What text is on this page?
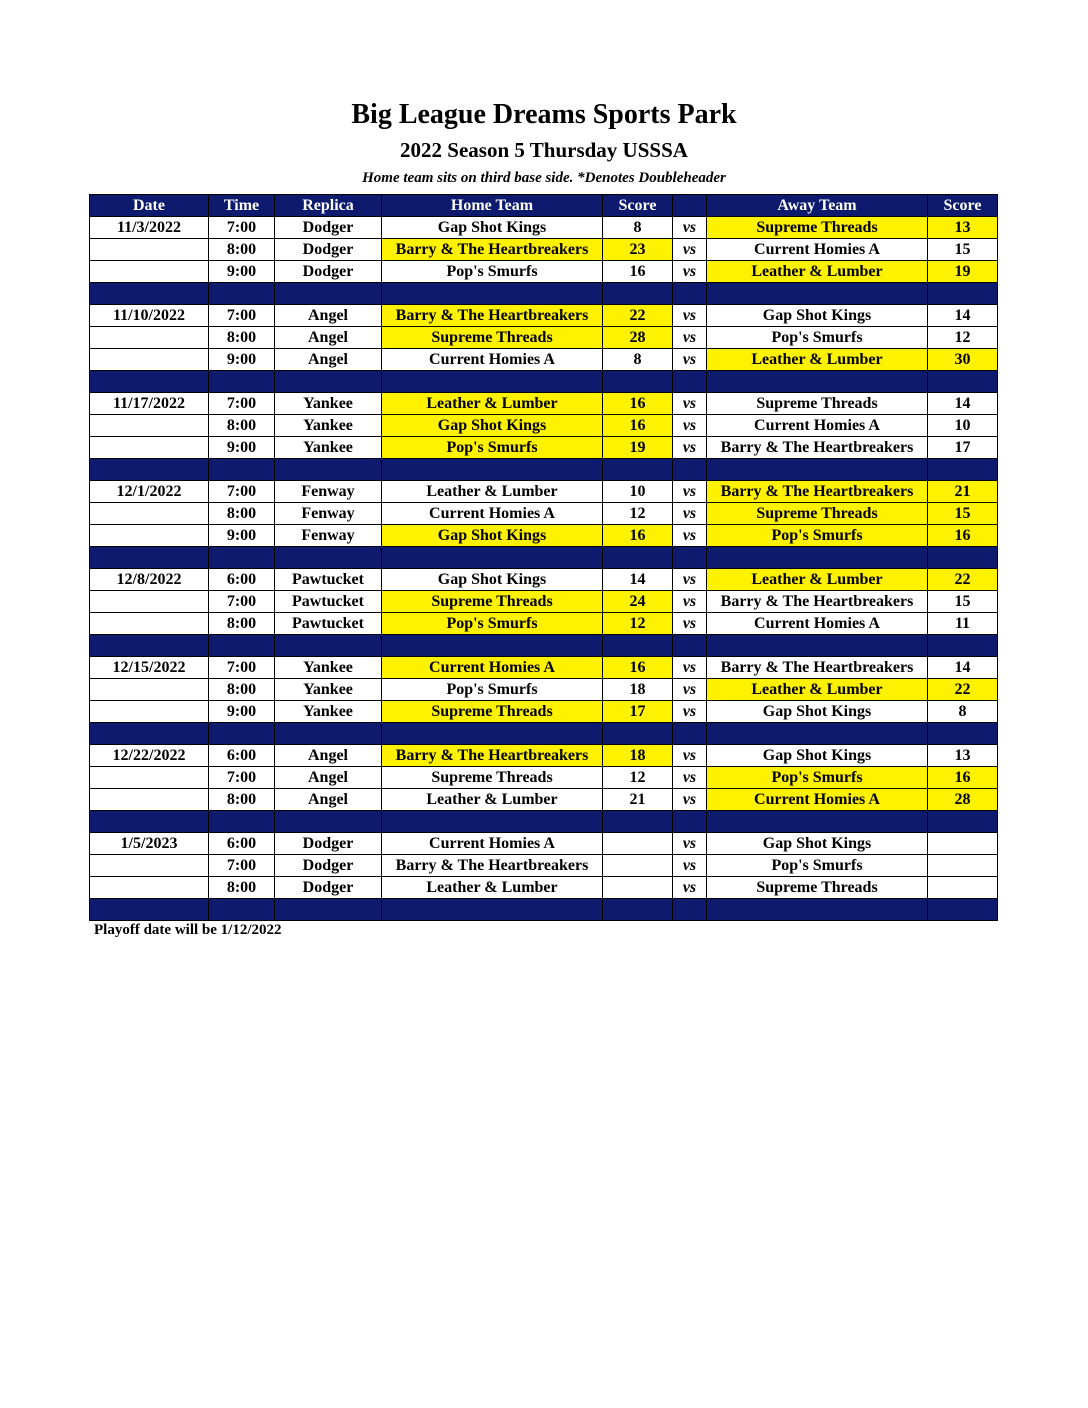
Big League Dreams Sports Park
2022 Season 5 Thursday USSSA
Home team sits on third base side. *Denotes Doubleheader
Date	Time	Replica	Home Team	Score		Away Team	Score
11/3/2022	7:00	Dodger	Gap Shot Kings	8	vs	Supreme Threads	13
	8:00	Dodger	Barry & The Heartbreakers	23	vs	Current Homies A	15
	9:00	Dodger	Pop's Smurfs	16	vs	Leather & Lumber	19

11/10/2022	7:00	Angel	Barry & The Heartbreakers	22	vs	Gap Shot Kings	14
	8:00	Angel	Supreme Threads	28	vs	Pop's Smurfs	12
	9:00	Angel	Current Homies A	8	vs	Leather & Lumber	30

11/17/2022	7:00	Yankee	Leather & Lumber	16	vs	Supreme Threads	14
	8:00	Yankee	Gap Shot Kings	16	vs	Current Homies A	10
	9:00	Yankee	Pop's Smurfs	19	vs	Barry & The Heartbreakers	17

12/1/2022	7:00	Fenway	Leather & Lumber	10	vs	Barry & The Heartbreakers	21
	8:00	Fenway	Current Homies A	12	vs	Supreme Threads	15
	9:00	Fenway	Gap Shot Kings	16	vs	Pop's Smurfs	16

12/8/2022	6:00	Pawtucket	Gap Shot Kings	14	vs	Leather & Lumber	22
	7:00	Pawtucket	Supreme Threads	24	vs	Barry & The Heartbreakers	15
	8:00	Pawtucket	Pop's Smurfs	12	vs	Current Homies A	11

12/15/2022	7:00	Yankee	Current Homies A	16	vs	Barry & The Heartbreakers	14
	8:00	Yankee	Pop's Smurfs	18	vs	Leather & Lumber	22
	9:00	Yankee	Supreme Threads	17	vs	Gap Shot Kings	8

12/22/2022	6:00	Angel	Barry & The Heartbreakers	18	vs	Gap Shot Kings	13
	7:00	Angel	Supreme Threads	12	vs	Pop's Smurfs	16
	8:00	Angel	Leather & Lumber	21	vs	Current Homies A	28

1/5/2023	6:00	Dodger	Current Homies A		vs	Gap Shot Kings	
	7:00	Dodger	Barry & The Heartbreakers		vs	Pop's Smurfs	
	8:00	Dodger	Leather & Lumber		vs	Supreme Threads	

Playoff date will be 1/12/2022
